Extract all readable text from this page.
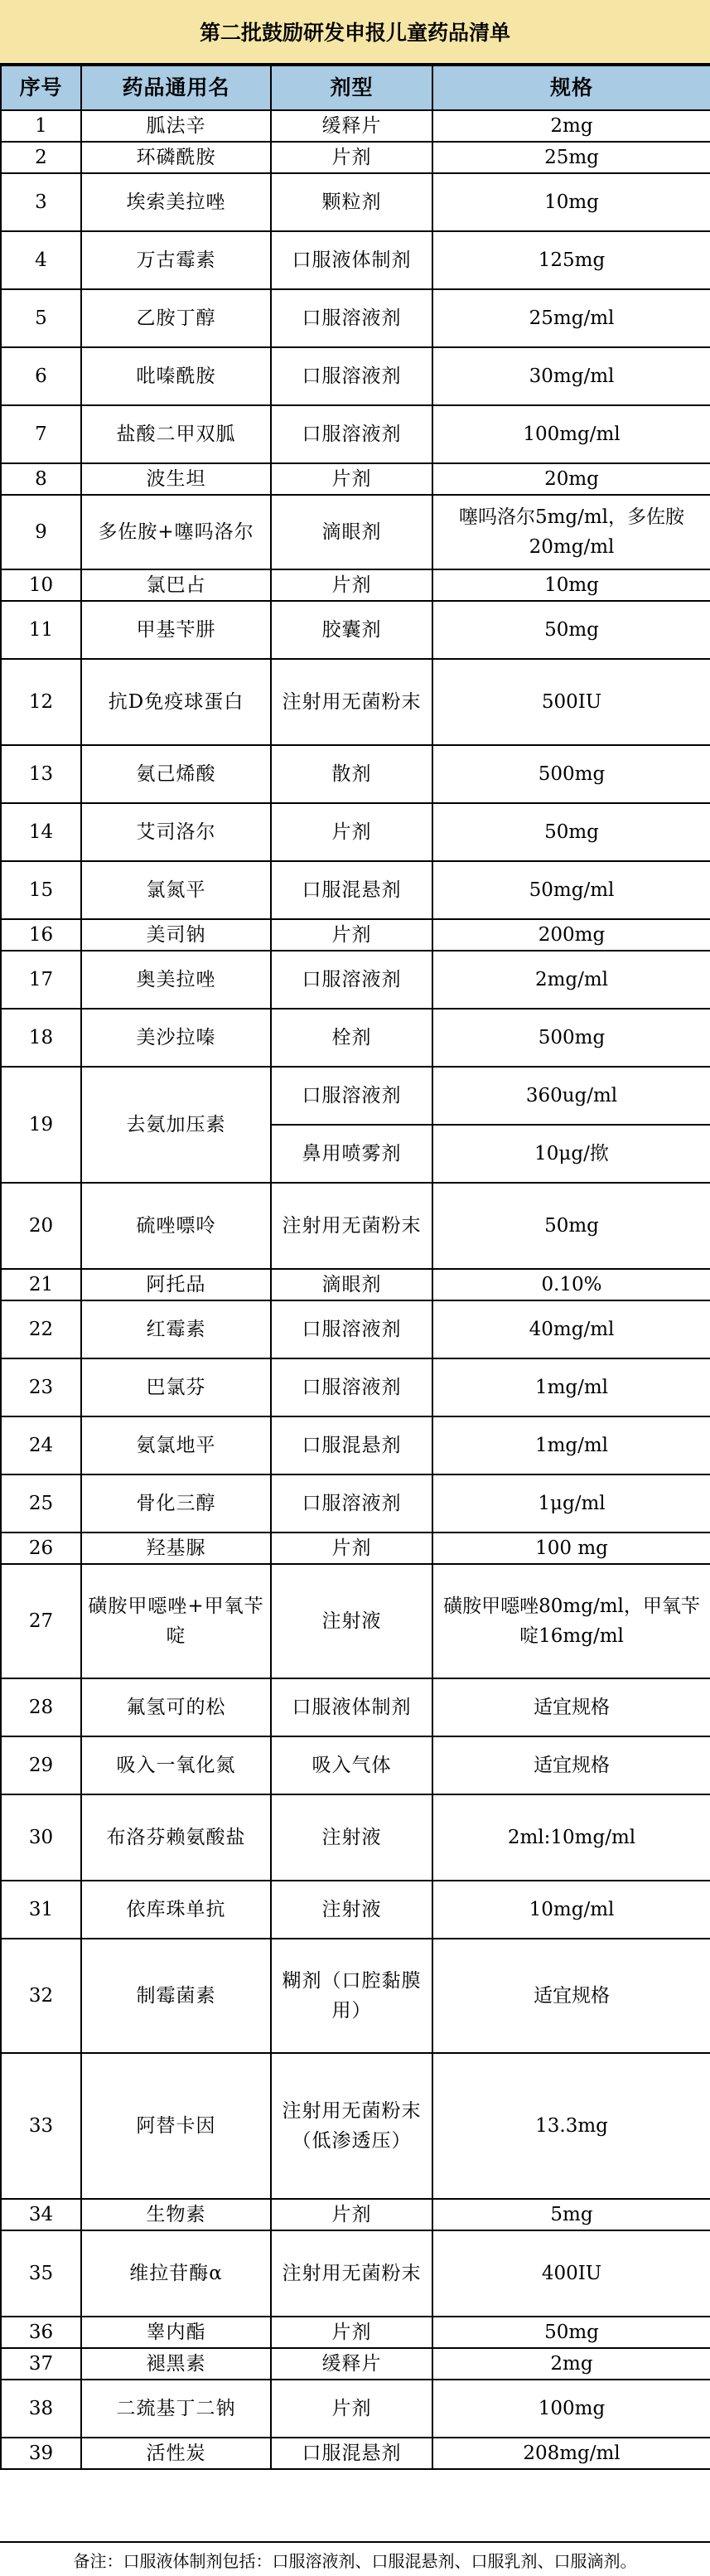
第二批鼓励研发申报儿童药品清单
序号	药品通用名	剂型	规格
1	胍法辛	缓释片	2mg
2	环磷酰胺	片剂	25mg
3	埃索美拉唑	颗粒剂	10mg
4	万古霉素	口服液体制剂	125mg
5	乙胺丁醇	口服溶液剂	25mg/ml
6	吡嗪酰胺	口服溶液剂	30mg/ml
7	盐酸二甲双胍	口服溶液剂	100mg/ml
8	波生坦	片剂	20mg
9	多佐胺+噻吗洛尔	滴眼剂	噻吗洛尔5mg/ml，多佐胺20mg/ml
10	氯巴占	片剂	10mg
11	甲基苄肼	胶囊剂	50mg
12	抗D免疫球蛋白	注射用无菌粉末	500IU
13	氨己烯酸	散剂	500mg
14	艾司洛尔	片剂	50mg
15	氯氮平	口服混悬剂	50mg/ml
16	美司钠	片剂	200mg
17	奥美拉唑	口服溶液剂	2mg/ml
18	美沙拉嗪	栓剂	500mg
19	去氨加压素	口服溶液剂	360ug/ml
		鼻用喷雾剂	10μg/揿
20	硫唑嘌呤	注射用无菌粉末	50mg
21	阿托品	滴眼剂	0.10%
22	红霉素	口服溶液剂	40mg/ml
23	巴氯芬	口服溶液剂	1mg/ml
24	氨氯地平	口服混悬剂	1mg/ml
25	骨化三醇	口服溶液剂	1μg/ml
26	羟基脲	片剂	100 mg
27	磺胺甲噁唑+甲氧苄啶	注射液	磺胺甲噁唑80mg/ml，甲氧苄啶16mg/ml
28	氟氢可的松	口服液体制剂	适宜规格
29	吸入一氧化氮	吸入气体	适宜规格
30	布洛芬赖氨酸盐	注射液	2ml:10mg/ml
31	依库珠单抗	注射液	10mg/ml
32	制霉菌素	糊剂（口腔黏膜用）	适宜规格
33	阿替卡因	注射用无菌粉末（低渗透压）	13.3mg
34	生物素	片剂	5mg
35	维拉苷酶α	注射用无菌粉末	400IU
36	睾内酯	片剂	50mg
37	褪黑素	缓释片	2mg
38	二巯基丁二钠	片剂	100mg
39	活性炭	口服混悬剂	208mg/ml
备注：口服液体制剂包括：口服溶液剂、口服混悬剂、口服乳剂、口服滴剂。
